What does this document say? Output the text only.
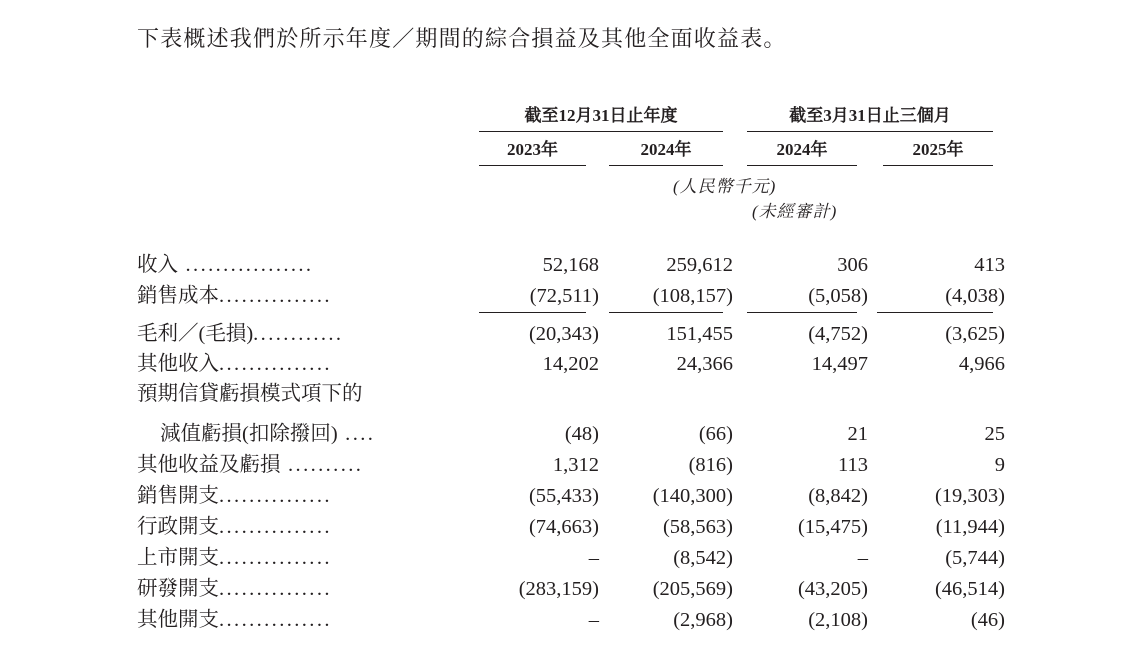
下表概述我們於所示年度／期間的綜合損益及其他全面收益表。
截至12月31日止年度	截至3月31日止三個月
2023年	2024年	2024年	2025年
(人民幣千元)
(未經審計)
收入 .................	52,168	259,612	306	413
銷售成本...............	(72,511)	(108,157)	(5,058)	(4,038)
毛利／(毛損)............	(20,343)	151,455	(4,752)	(3,625)
其他收入...............	14,202	24,366	14,497	4,966
預期信貸虧損模式項下的
減值虧損(扣除撥回) ....	(48)	(66)	21	25
其他收益及虧損 ..........	1,312	(816)	113	9
銷售開支...............	(55,433)	(140,300)	(8,842)	(19,303)
行政開支...............	(74,663)	(58,563)	(15,475)	(11,944)
上市開支...............	–	(8,542)	–	(5,744)
研發開支...............	(283,159)	(205,569)	(43,205)	(46,514)
其他開支...............	–	(2,968)	(2,108)	(46)
